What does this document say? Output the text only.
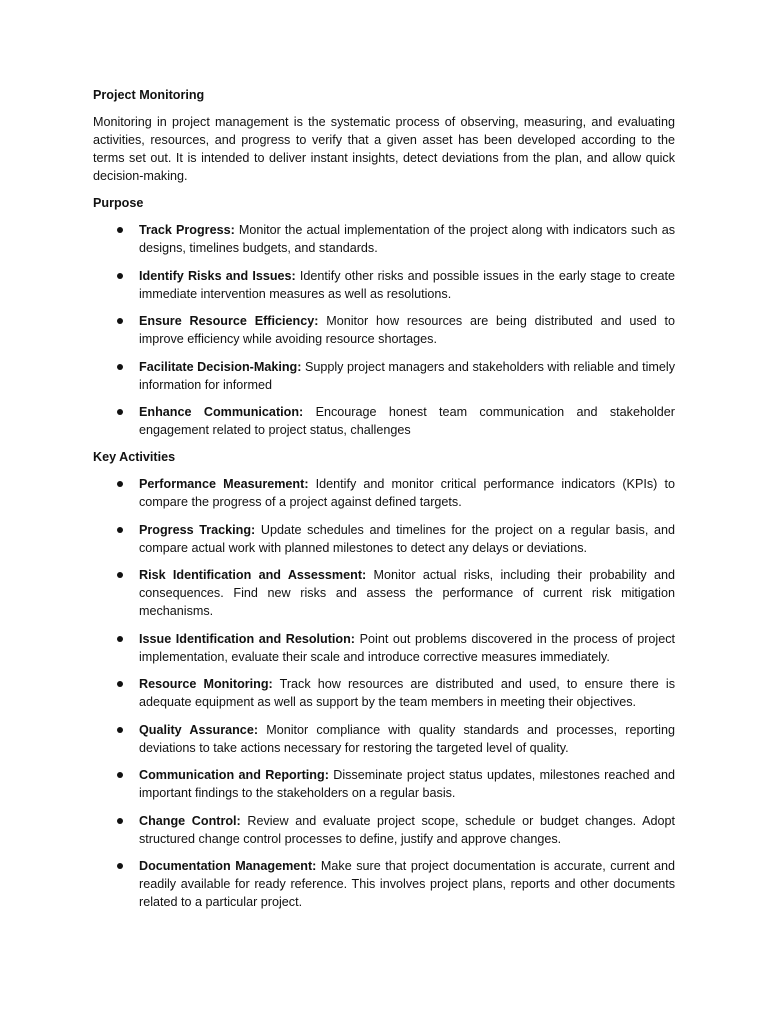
Project Monitoring

Monitoring in project management is the systematic process of observing, measuring, and evaluating activities, resources, and progress to verify that a given asset has been developed according to the terms set out. It is intended to deliver instant insights, detect deviations from the plan, and allow quick decision-making.

Purpose
Track Progress: Monitor the actual implementation of the project along with indicators such as designs, timelines budgets, and standards.
Identify Risks and Issues: Identify other risks and possible issues in the early stage to create immediate intervention measures as well as resolutions.
Ensure Resource Efficiency: Monitor how resources are being distributed and used to improve efficiency while avoiding resource shortages.
Facilitate Decision-Making: Supply project managers and stakeholders with reliable and timely information for informed
Enhance Communication: Encourage honest team communication and stakeholder engagement related to project status, challenges
Key Activities
Performance Measurement: Identify and monitor critical performance indicators (KPIs) to compare the progress of a project against defined targets.
Progress Tracking: Update schedules and timelines for the project on a regular basis, and compare actual work with planned milestones to detect any delays or deviations.
Risk Identification and Assessment: Monitor actual risks, including their probability and consequences. Find new risks and assess the performance of current risk mitigation mechanisms.
Issue Identification and Resolution: Point out problems discovered in the process of project implementation, evaluate their scale and introduce corrective measures immediately.
Resource Monitoring: Track how resources are distributed and used, to ensure there is adequate equipment as well as support by the team members in meeting their objectives.
Quality Assurance: Monitor compliance with quality standards and processes, reporting deviations to take actions necessary for restoring the targeted level of quality.
Communication and Reporting: Disseminate project status updates, milestones reached and important findings to the stakeholders on a regular basis.
Change Control: Review and evaluate project scope, schedule or budget changes. Adopt structured change control processes to define, justify and approve changes.
Documentation Management: Make sure that project documentation is accurate, current and readily available for ready reference. This involves project plans, reports and other documents related to a particular project.
